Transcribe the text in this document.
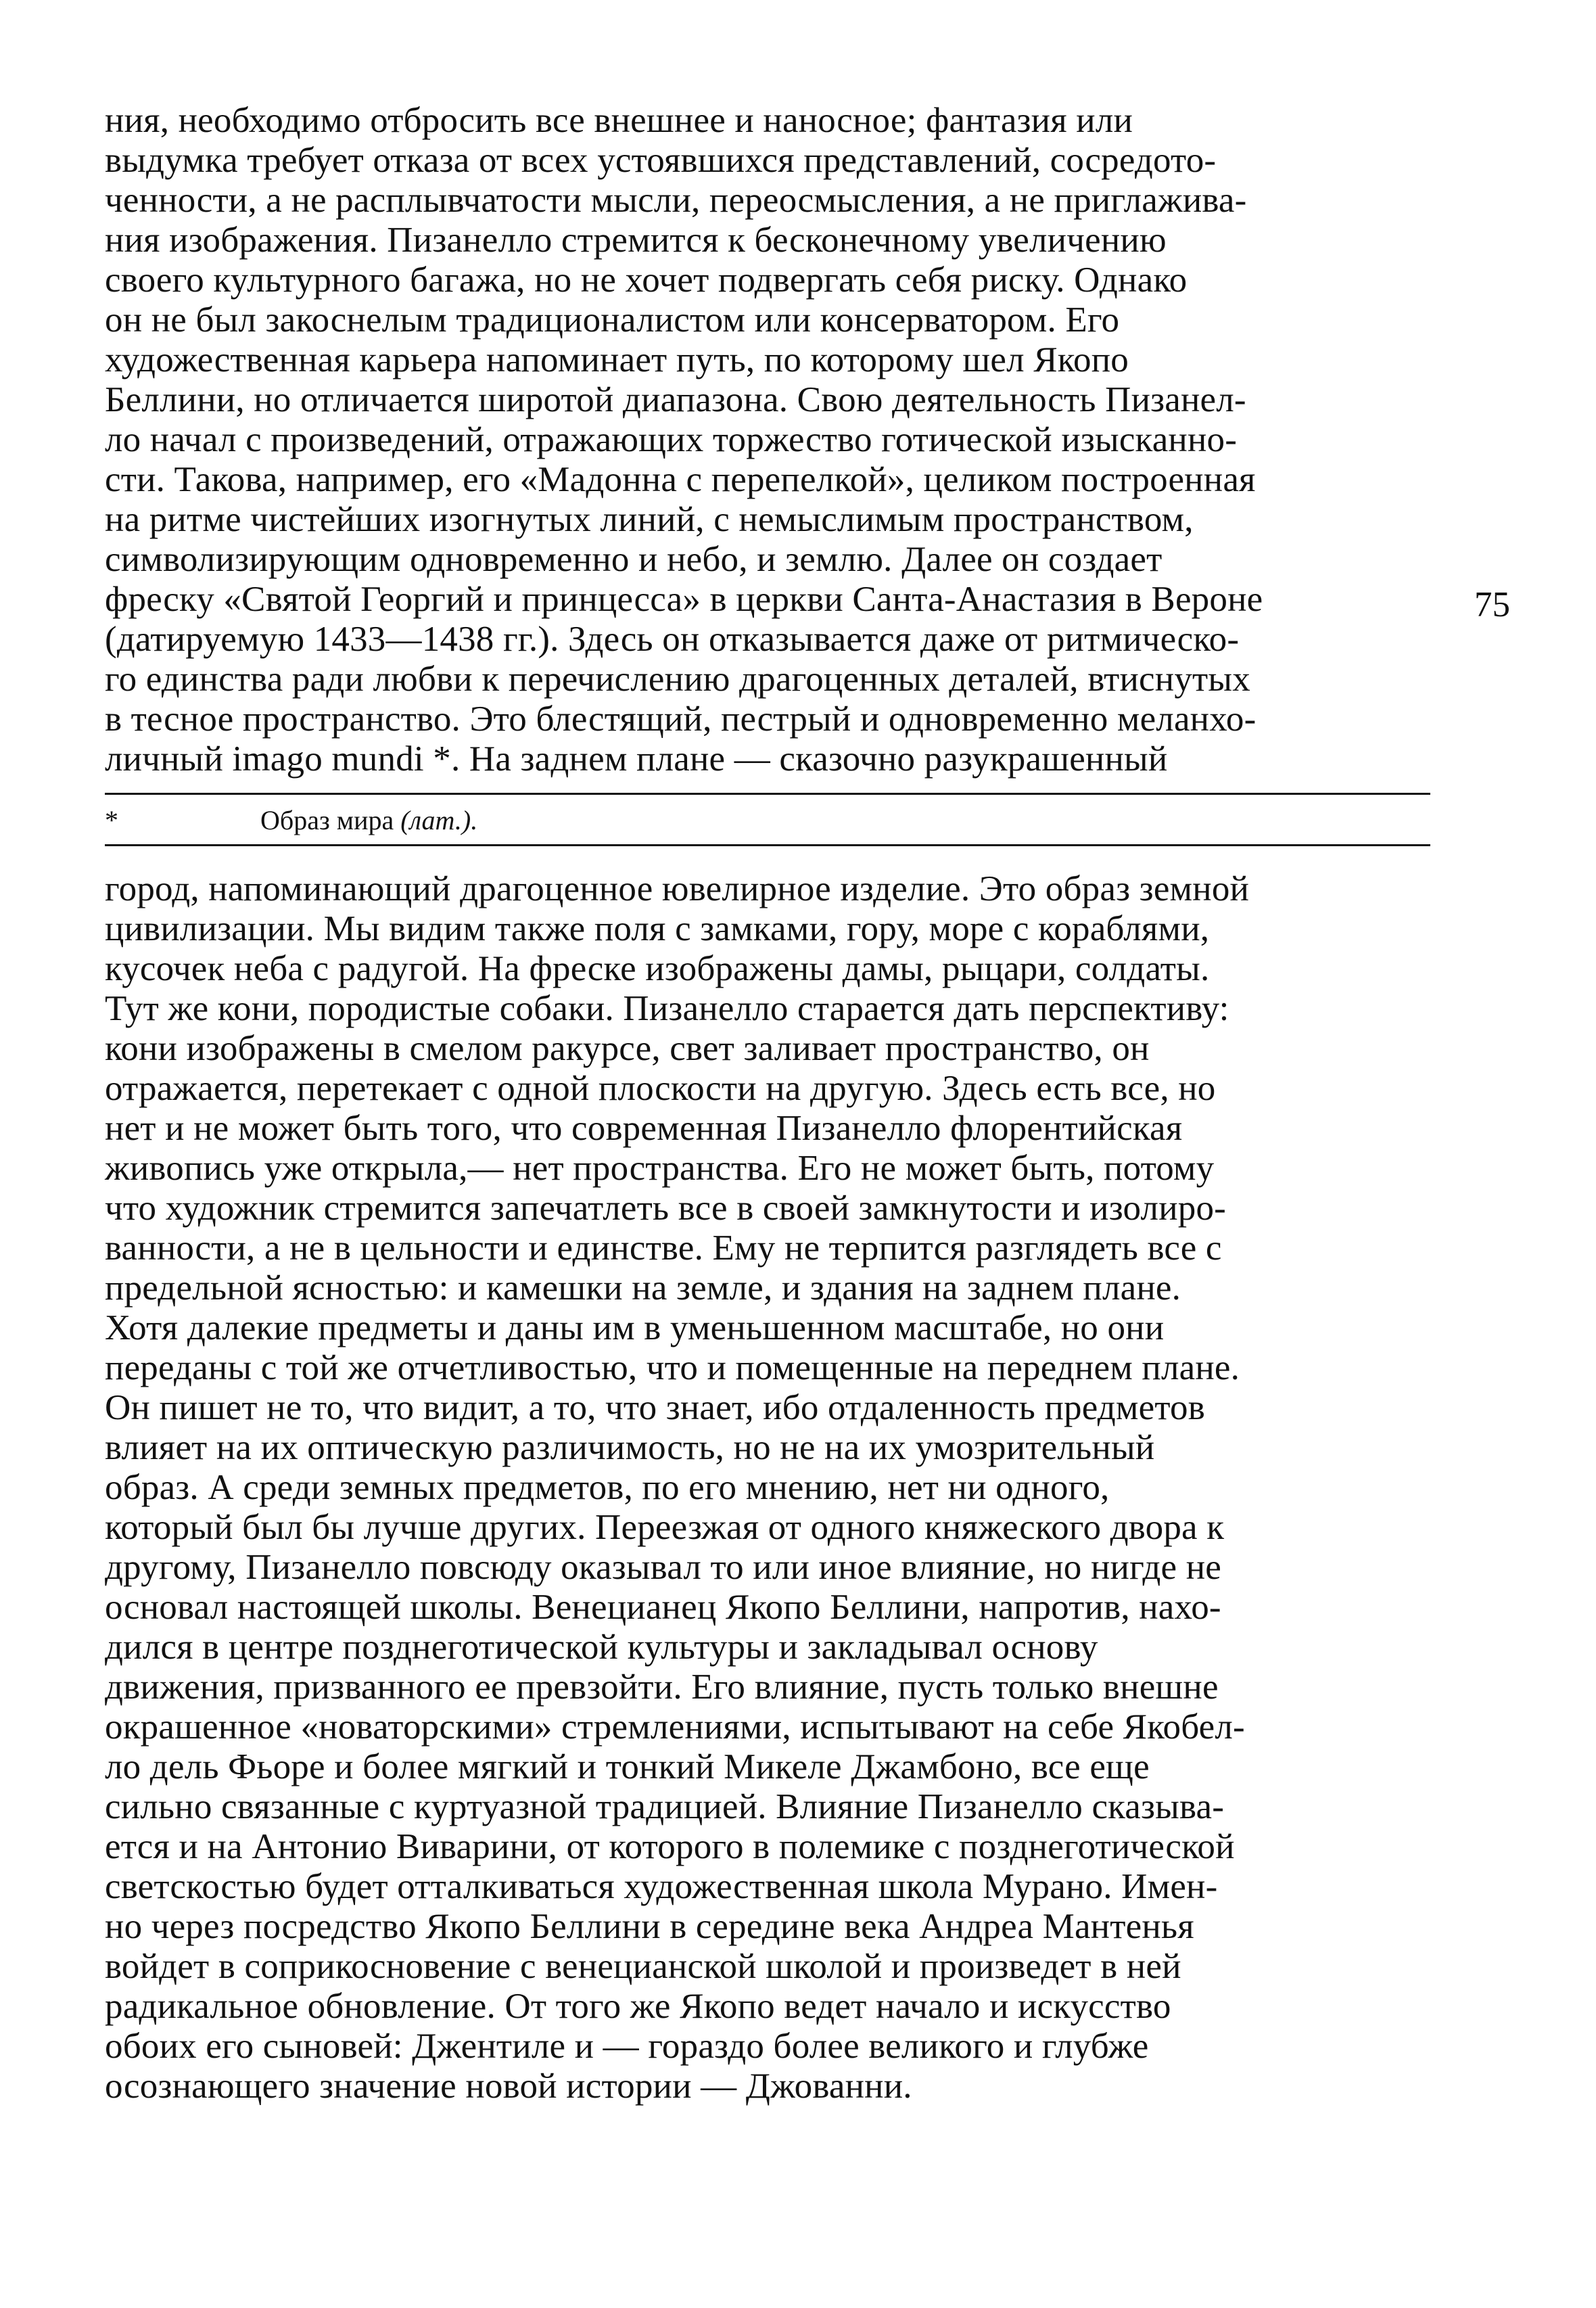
ния, необходимо отбросить все внешнее и наносное; фантазия или
выдумка требует отказа от всех устоявшихся представлений, сосредото-
ченности, а не расплывчатости мысли, переосмысления, а не приглажива-
ния изображения. Пизанелло стремится к бесконечному увеличению
своего культурного багажа, но не хочет подвергать себя риску. Однако
он не был закоснелым традиционалистом или консерватором. Его
художественная карьера напоминает путь, по которому шел Якопо
Беллини, но отличается широтой диапазона. Свою деятельность Пизанел-
ло начал с произведений, отражающих торжество готической изысканно-
сти. Такова, например, его «Мадонна с перепелкой», целиком построенная
на ритме чистейших изогнутых линий, с немыслимым пространством,
символизирующим одновременно и небо, и землю. Далее он создает
фреску «Святой Георгий и принцесса» в церкви Санта-Анастазия в Вероне
(датируемую 1433—1438 гг.). Здесь он отказывается даже от ритмическо-
го единства ради любви к перечислению драгоценных деталей, втиснутых
в тесное пространство. Это блестящий, пестрый и одновременно меланхо-
личный imago mundi *. На заднем плане — сказочно разукрашенный
75
*	Образ мира (лат.).
город, напоминающий драгоценное ювелирное изделие. Это образ земной
цивилизации. Мы видим также поля с замками, гору, море с кораблями,
кусочек неба с радугой. На фреске изображены дамы, рыцари, солдаты.
Тут же кони, породистые собаки. Пизанелло старается дать перспективу:
кони изображены в смелом ракурсе, свет заливает пространство, он
отражается, перетекает с одной плоскости на другую. Здесь есть все, но
нет и не может быть того, что современная Пизанелло флорентийская
живопись уже открыла,— нет пространства. Его не может быть, потому
что художник стремится запечатлеть все в своей замкнутости и изолиро-
ванности, а не в цельности и единстве. Ему не терпится разглядеть все с
предельной ясностью: и камешки на земле, и здания на заднем плане.
Хотя далекие предметы и даны им в уменьшенном масштабе, но они
переданы с той же отчетливостью, что и помещенные на переднем плане.
Он пишет не то, что видит, а то, что знает, ибо отдаленность предметов
влияет на их оптическую различимость, но не на их умозрительный
образ. А среди земных предметов, по его мнению, нет ни одного,
который был бы лучше других. Переезжая от одного княжеского двора к
другому, Пизанелло повсюду оказывал то или иное влияние, но нигде не
основал настоящей школы. Венецианец Якопо Беллини, напротив, нахо-
дился в центре позднеготической культуры и закладывал основу
движения, призванного ее превзойти. Его влияние, пусть только внешне
окрашенное «новаторскими» стремлениями, испытывают на себе Якобел-
ло дель Фьоре и более мягкий и тонкий Микеле Джамбоно, все еще
сильно связанные с куртуазной традицией. Влияние Пизанелло сказыва-
ется и на Антонио Виварини, от которого в полемике с позднеготической
светскостью будет отталкиваться художественная школа Мурано. Имен-
но через посредство Якопо Беллини в середине века Андреа Мантенья
войдет в соприкосновение с венецианской школой и произведет в ней
радикальное обновление. От того же Якопо ведет начало и искусство
обоих его сыновей: Джентиле и — гораздо более великого и глубже
осознающего значение новой истории — Джованни.
